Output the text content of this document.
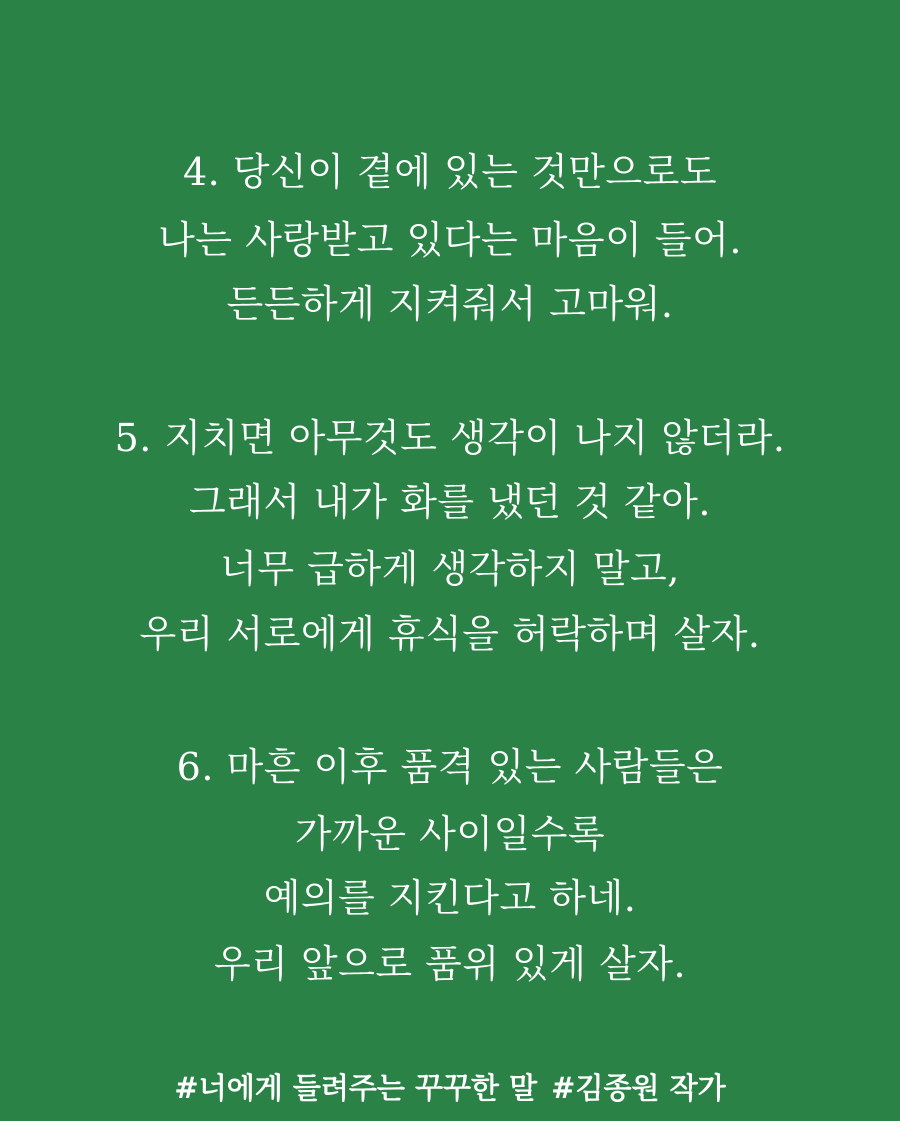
4. 당신이 곁에 있는 것만으로도
나는 사랑받고 있다는 마음이 들어.
든든하게 지켜줘서 고마워.
5. 지치면 아무것도 생각이 나지 않더라.
그래서 내가 화를 냈던 것 같아.
너무 급하게 생각하지 말고,
우리 서로에게 휴식을 허락하며 살자.
6. 마흔 이후 품격 있는 사람들은
가까운 사이일수록
예의를 지킨다고 하네.
우리 앞으로 품위 있게 살자.
#너에게 들려주는 꾸꾸한 말 #김종원 작가
